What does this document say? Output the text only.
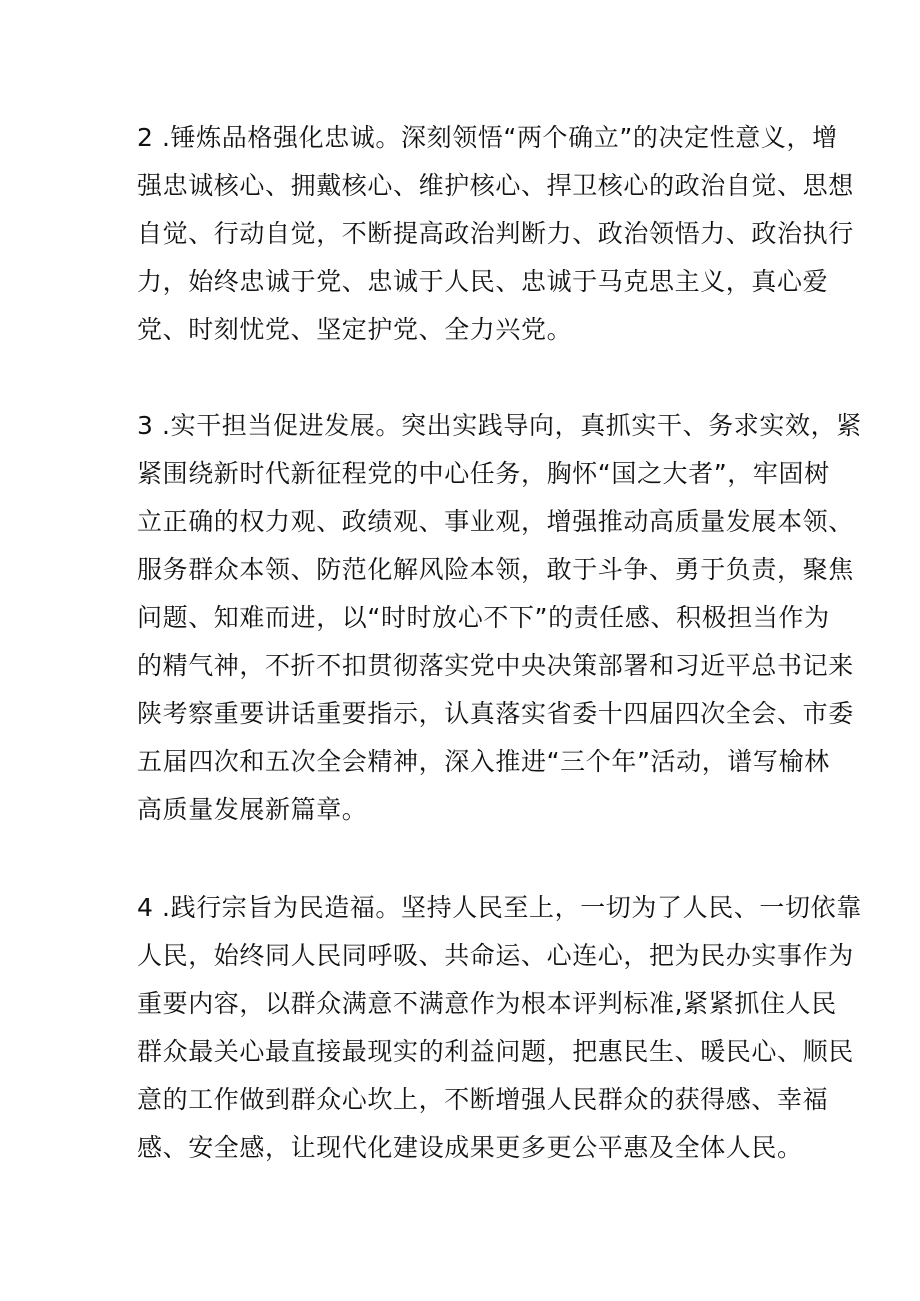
2 .锤炼品格强化忠诚。深刻领悟“两个确立”的决定性意义，增
强忠诚核心、拥戴核心、维护核心、捍卫核心的政治自觉、思想
自觉、行动自觉，不断提高政治判断力、政治领悟力、政治执行
力，始终忠诚于党、忠诚于人民、忠诚于马克思主义，真心爱
党、时刻忧党、坚定护党、全力兴党。
3 .实干担当促进发展。突出实践导向，真抓实干、务求实效，紧
紧围绕新时代新征程党的中心任务，胸怀“国之大者”，牢固树
立正确的权力观、政绩观、事业观，增强推动高质量发展本领、
服务群众本领、防范化解风险本领，敢于斗争、勇于负责，聚焦
问题、知难而进，以“时时放心不下”的责任感、积极担当作为
的精气神，不折不扣贯彻落实党中央决策部署和习近平总书记来
陕考察重要讲话重要指示，认真落实省委十四届四次全会、市委
五届四次和五次全会精神，深入推进“三个年”活动，谱写榆林
高质量发展新篇章。
4 .践行宗旨为民造福。坚持人民至上，一切为了人民、一切依靠
人民，始终同人民同呼吸、共命运、心连心，把为民办实事作为
重要内容，以群众满意不满意作为根本评判标准,紧紧抓住人民
群众最关心最直接最现实的利益问题，把惠民生、暖民心、顺民
意的工作做到群众心坎上，不断增强人民群众的获得感、幸福
感、安全感，让现代化建设成果更多更公平惠及全体人民。
